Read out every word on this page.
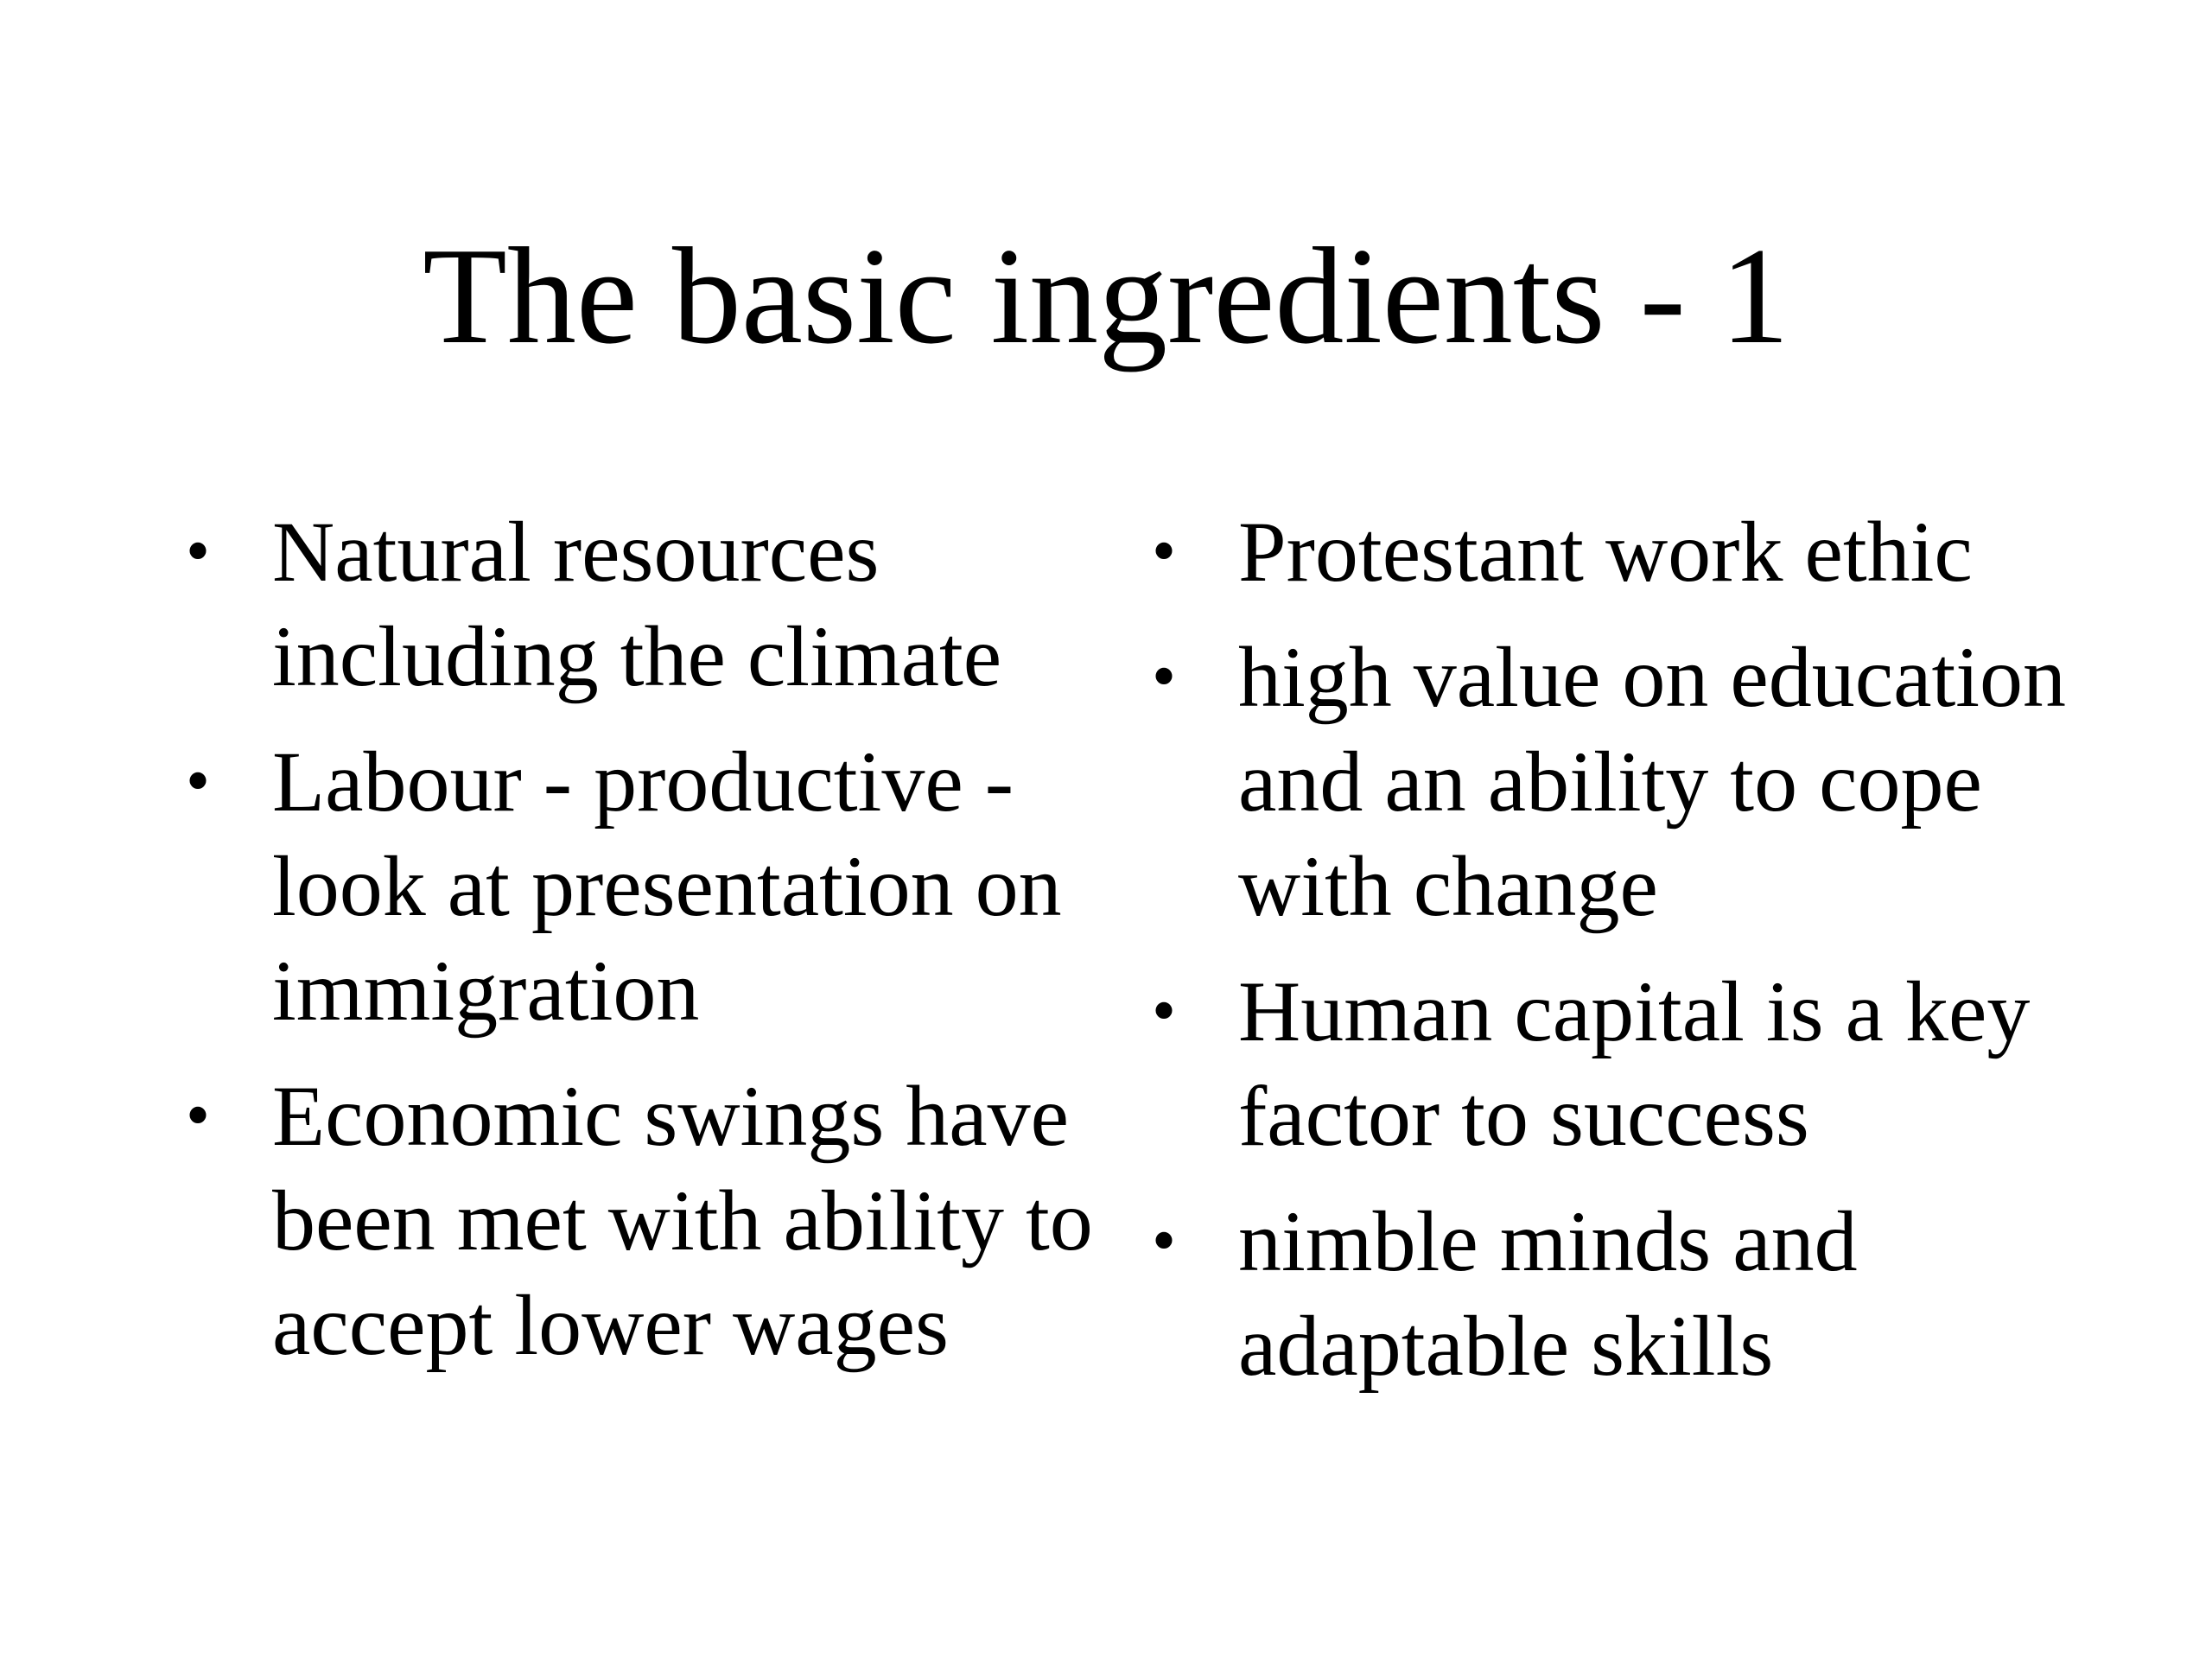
The basic ingredients - 1
• Natural resources including the climate
• Labour - productive - look at presentation on immigration
• Economic swings have been met with ability to accept lower wages
• Protestant work ethic
• high value on education and an ability to cope with change
• Human capital is a key factor to success
• nimble minds and adaptable skills
